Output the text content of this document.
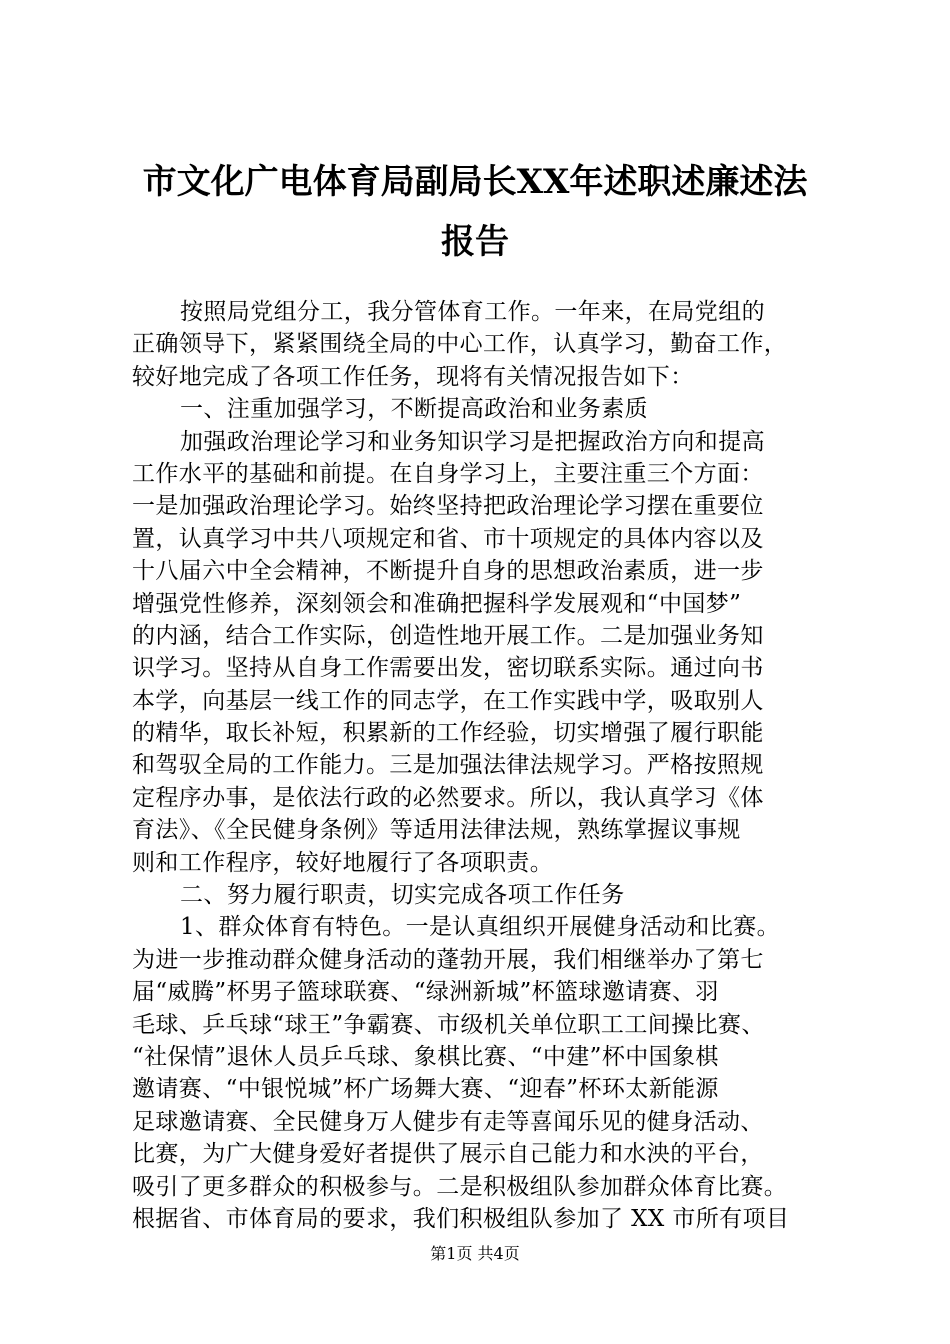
市文化广电体育局副局长XX年述职述廉述法
报告
按照局党组分工，我分管体育工作。一年来，在局党组的
正确领导下，紧紧围绕全局的中心工作，认真学习，勤奋工作，
较好地完成了各项工作任务，现将有关情况报告如下：
一、注重加强学习，不断提高政治和业务素质
加强政治理论学习和业务知识学习是把握政治方向和提高
工作水平的基础和前提。在自身学习上，主要注重三个方面：
一是加强政治理论学习。始终坚持把政治理论学习摆在重要位
置，认真学习中共八项规定和省、市十项规定的具体内容以及
十八届六中全会精神，不断提升自身的思想政治素质，进一步
增强党性修养，深刻领会和准确把握科学发展观和“中国梦”
的内涵，结合工作实际，创造性地开展工作。二是加强业务知
识学习。坚持从自身工作需要出发，密切联系实际。通过向书
本学，向基层一线工作的同志学，在工作实践中学，吸取别人
的精华，取长补短，积累新的工作经验，切实增强了履行职能
和驾驭全局的工作能力。三是加强法律法规学习。严格按照规
定程序办事，是依法行政的必然要求。所以，我认真学习《体
育法》、《全民健身条例》等适用法律法规，熟练掌握议事规
则和工作程序，较好地履行了各项职责。
二、努力履行职责，切实完成各项工作任务
1、群众体育有特色。一是认真组织开展健身活动和比赛。
为进一步推动群众健身活动的蓬勃开展，我们相继举办了第七
届“威腾”杯男子篮球联赛、“绿洲新城”杯篮球邀请赛、羽
毛球、乒乓球“球王”争霸赛、市级机关单位职工工间操比赛、
“社保情”退休人员乒乓球、象棋比赛、“中建”杯中国象棋
邀请赛、“中银悦城”杯广场舞大赛、“迎春”杯环太新能源
足球邀请赛、全民健身万人健步有走等喜闻乐见的健身活动、
比赛，为广大健身爱好者提供了展示自己能力和水泱的平台，
吸引了更多群众的积极参与。二是积极组队参加群众体育比赛。
根据省、市体育局的要求，我们积极组队参加了 XX 市所有项目
第1页 共4页
